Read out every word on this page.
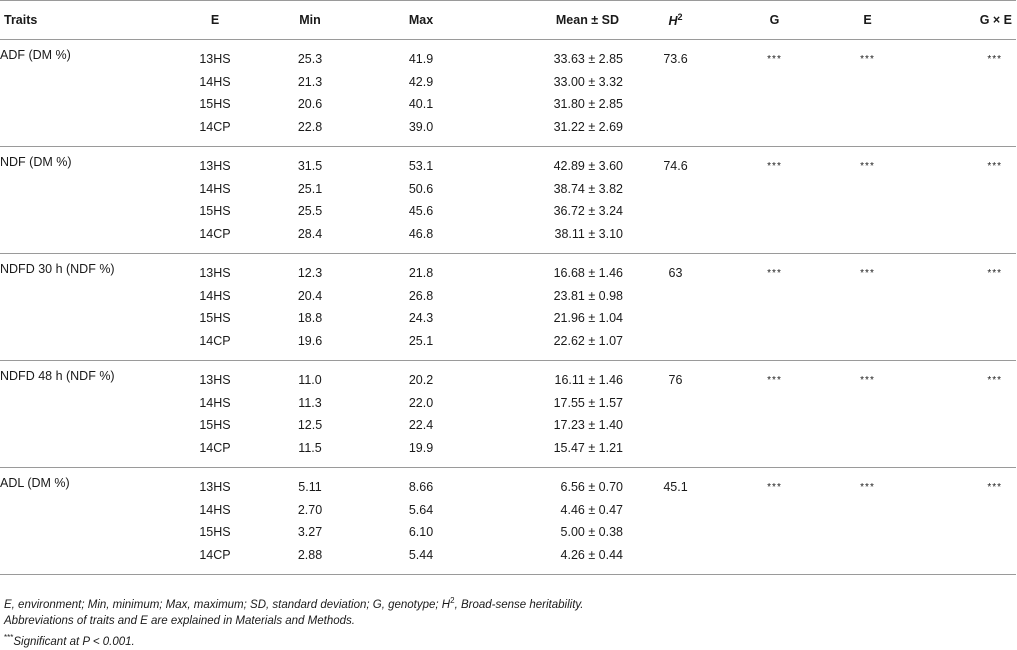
Traits	E	Min	Max	Mean ± SD	$H^2$	G	E	G × E
ADF (DM %)	13HS	25.3	41.9	33.63 ± 2.85	73.6	***	***	***
	14HS	21.3	42.9	33.00 ± 3.32				
	15HS	20.6	40.1	31.80 ± 2.85				
	14CP	22.8	39.0	31.22 ± 2.69				
NDF (DM %)	13HS	31.5	53.1	42.89 ± 3.60	74.6	***	***	***
	14HS	25.1	50.6	38.74 ± 3.82				
	15HS	25.5	45.6	36.72 ± 3.24				
	14CP	28.4	46.8	38.11 ± 3.10				
NDFD 30 h (NDF %)	13HS	12.3	21.8	16.68 ± 1.46	63	***	***	***
	14HS	20.4	26.8	23.81 ± 0.98				
	15HS	18.8	24.3	21.96 ± 1.04				
	14CP	19.6	25.1	22.62 ± 1.07				
NDFD 48 h (NDF %)	13HS	11.0	20.2	16.11 ± 1.46	76	***	***	***
	14HS	11.3	22.0	17.55 ± 1.57				
	15HS	12.5	22.4	17.23 ± 1.40				
	14CP	11.5	19.9	15.47 ± 1.21				
ADL (DM %)	13HS	5.11	8.66	6.56 ± 0.70	45.1	***	***	***
	14HS	2.70	5.64	4.46 ± 0.47				
	15HS	3.27	6.10	5.00 ± 0.38				
	14CP	2.88	5.44	4.26 ± 0.44				

E, environment; Min, minimum; Max, maximum; SD, standard deviation; G, genotype; $H^2$, Broad-sense heritability.

Abbreviations of traits and E are explained in Materials and Methods.

***Significant at P < 0.001.
